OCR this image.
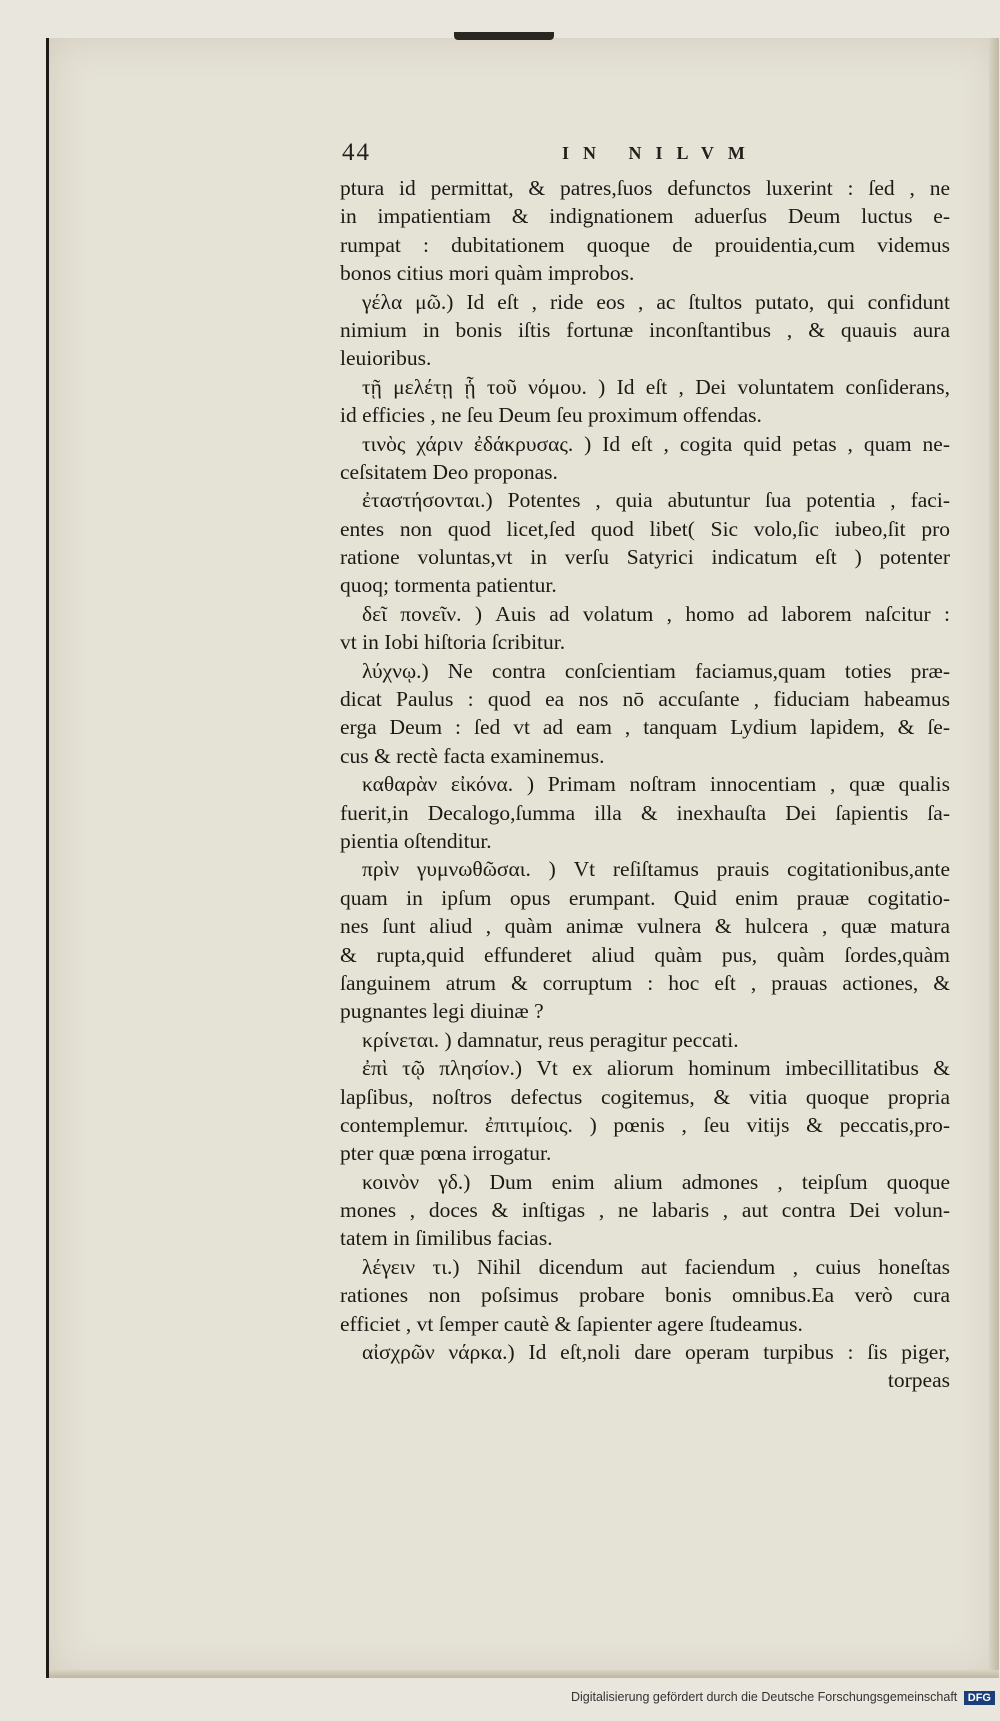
44	IN NILVM
ptura id permittat, & patres,ſuos defunctos luxerint : ſed , ne
in impatientiam & indignationem aduerſus Deum luctus e-
rumpat : dubitationem quoque de prouidentia,cum videmus
bonos citius mori quàm improbos.
γέλα μῶ.) Id eſt , ride eos , ac ſtultos putato, qui confidunt
nimium in bonis iſtis fortunæ inconſtantibus , & quauis aura
leuioribus.
τῇ μελέτῃ ᾗ τοῦ νόμου. ) Id eſt , Dei voluntatem conſiderans,
id efficies , ne ſeu Deum ſeu proximum offendas.
τινὸς χάριν ἐδάκρυσας. ) Id eſt , cogita quid petas , quam ne-
ceſsitatem Deo proponas.
ἐταστήσονται.) Potentes , quia abutuntur ſua potentia , faci-
entes non quod licet,ſed quod libet( Sic volo,ſic iubeo,ſit pro
ratione voluntas,vt in verſu Satyrici indicatum eſt ) potenter
quoq; tormenta patientur.
δεῖ πονεῖν. ) Auis ad volatum , homo ad laborem naſcitur :
vt in Iobi hiſtoria ſcribitur.
λύχνῳ.) Ne contra conſcientiam faciamus,quam toties præ-
dicat Paulus : quod ea nos nō accuſante , fiduciam habeamus
erga Deum : ſed vt ad eam , tanquam Lydium lapidem, & ſe-
cus & rectè facta examinemus.
καθαρὰν εἰκόνα. ) Primam noſtram innocentiam , quæ qualis
fuerit,in Decalogo,ſumma illa & inexhauſta Dei ſapientis ſa-
pientia oſtenditur.
πρὶν γυμνωθῶσαι. ) Vt reſiſtamus prauis cogitationibus,ante
quam in ipſum opus erumpant. Quid enim prauæ cogitatio-
nes ſunt aliud , quàm animæ vulnera & hulcera , quæ matura
& rupta,quid effunderet aliud quàm pus, quàm ſordes,quàm
ſanguinem atrum & corruptum : hoc eſt , prauas actiones, &
pugnantes legi diuinæ ?
κρίνεται. ) damnatur, reus peragitur peccati.
ἐπὶ τῷ πλησίον.) Vt ex aliorum hominum imbecillitatibus &
lapſibus, noſtros defectus cogitemus, & vitia quoque propria
contemplemur. ἐπιτιμίοις. ) pœnis , ſeu vitijs & peccatis,pro-
pter quæ pœna irrogatur.
κοινὸν γδ.) Dum enim alium admones , teipſum quoque
mones , doces & inſtigas , ne labaris , aut contra Dei volun-
tatem in ſimilibus facias.
λέγειν τι.) Nihil dicendum aut faciendum , cuius honeſtas
rationes non poſsimus probare bonis omnibus.Ea verò cura
efficiet , vt ſemper cautè & ſapienter agere ſtudeamus.
αἰσχρῶν νάρκα.) Id eſt,noli dare operam turpibus : ſis piger,
torpeas
Digitalisierung gefördert durch die Deutsche Forschungsgemeinschaft DFG
